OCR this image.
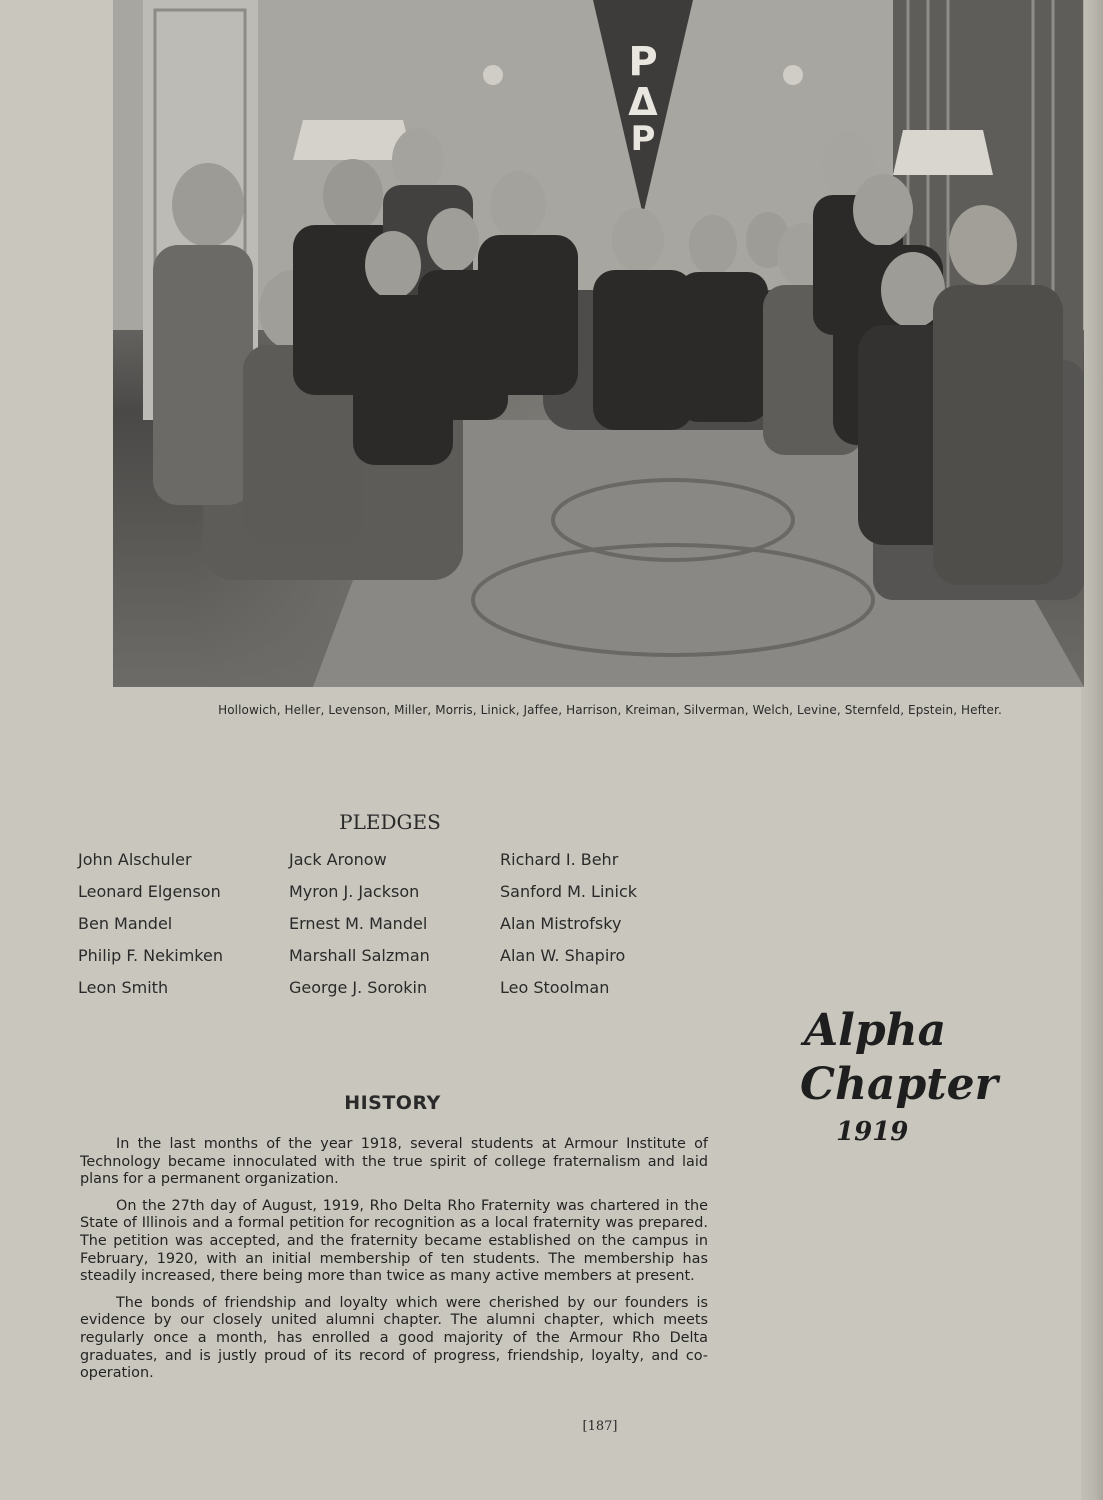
Ρ
Δ
Ρ
Hollowich, Heller, Levenson, Miller, Morris, Linick, Jaffee, Harrison, Kreiman, Silverman, Welch, Levine, Sternfeld, Epstein, Hefter.
PLEDGES
John Alschuler	Jack Aronow	Richard I. Behr
Leonard Elgenson	Myron J. Jackson	Sanford M. Linick
Ben Mandel	Ernest M. Mandel	Alan Mistrofsky
Philip F. Nekimken	Marshall Salzman	Alan W. Shapiro
Leon Smith	George J. Sorokin	Leo Stoolman
HISTORY

In the last months of the year 1918, several students at Armour Institute of Technology became innoculated with the true spirit of college fraternalism and laid plans for a permanent organization.

On the 27th day of August, 1919, Rho Delta Rho Fraternity was chartered in the State of Illinois and a formal petition for recognition as a local fraternity was prepared. The petition was accepted, and the fraternity became established on the campus in February, 1920, with an initial membership of ten students. The membership has steadily increased, there being more than twice as many active members at present.

The bonds of friendship and loyalty which were cherished by our founders is evidence by our closely united alumni chapter. The alumni chapter, which meets regularly once a month, has enrolled a good majority of the Armour Rho Delta graduates, and is justly proud of its record of progress, friendship, loyalty, and co-operation.

Alpha
Chapter
1919
[187]
